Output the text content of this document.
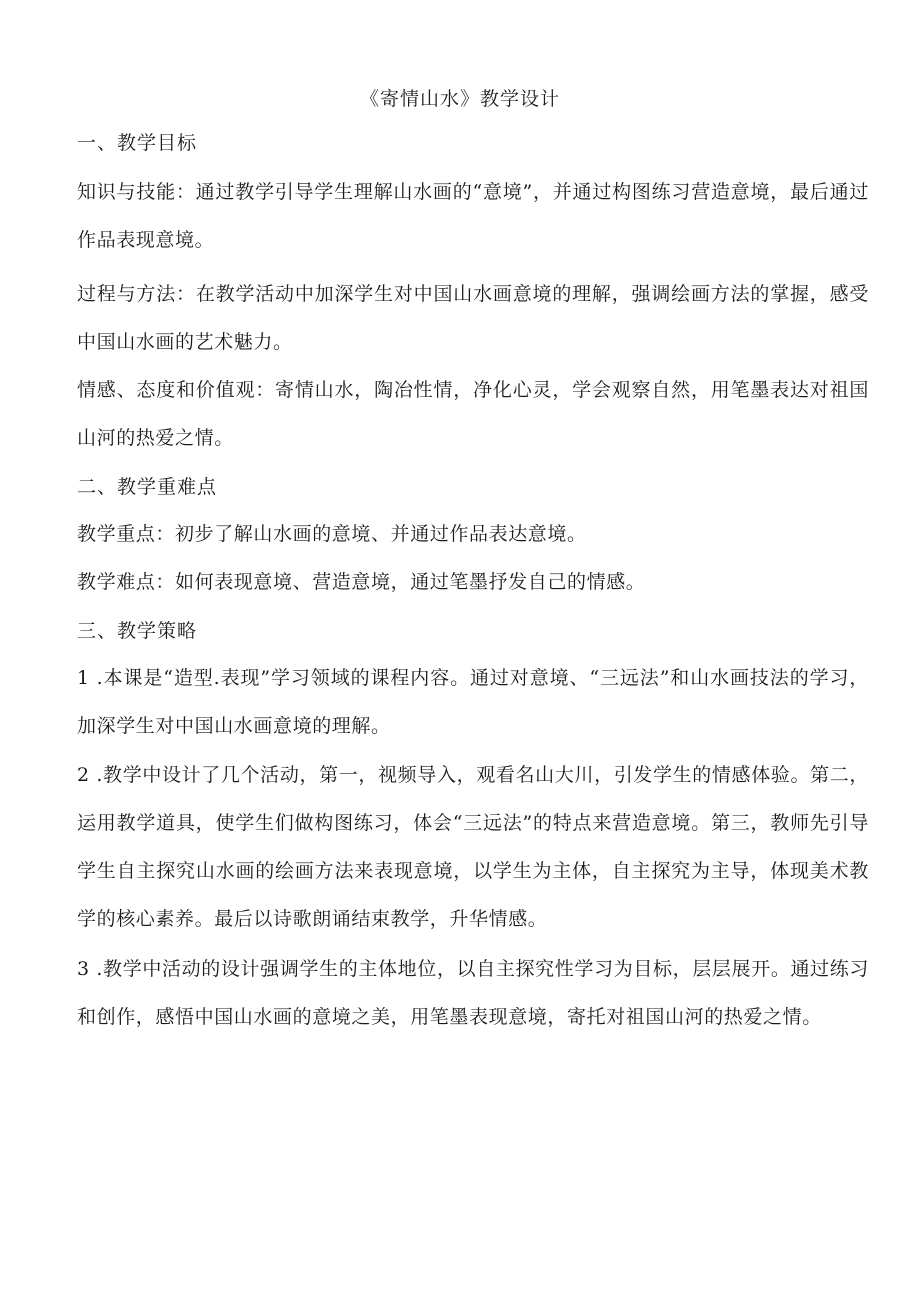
《寄情山水》教学设计
一、教学目标

知识与技能：通过教学引导学生理解山水画的“意境”，并通过构图练习营造意境，最后通过作品表现意境。

过程与方法：在教学活动中加深学生对中国山水画意境的理解，强调绘画方法的掌握，感受中国山水画的艺术魅力。

情感、态度和价值观：寄情山水，陶冶性情，净化心灵，学会观察自然，用笔墨表达对祖国山河的热爱之情。

二、教学重难点

教学重点：初步了解山水画的意境、并通过作品表达意境。

教学难点：如何表现意境、营造意境，通过笔墨抒发自己的情感。

三、教学策略

1 .本课是“造型.表现”学习领域的课程内容。通过对意境、“三远法”和山水画技法的学习，加深学生对中国山水画意境的理解。

2 .教学中设计了几个活动，第一，视频导入，观看名山大川，引发学生的情感体验。第二，运用教学道具，使学生们做构图练习，体会“三远法”的特点来营造意境。第三，教师先引导学生自主探究山水画的绘画方法来表现意境，以学生为主体，自主探究为主导，体现美术教学的核心素养。最后以诗歌朗诵结束教学，升华情感。

3 .教学中活动的设计强调学生的主体地位，以自主探究性学习为目标，层层展开。通过练习和创作，感悟中国山水画的意境之美，用笔墨表现意境，寄托对祖国山河的热爱之情。
